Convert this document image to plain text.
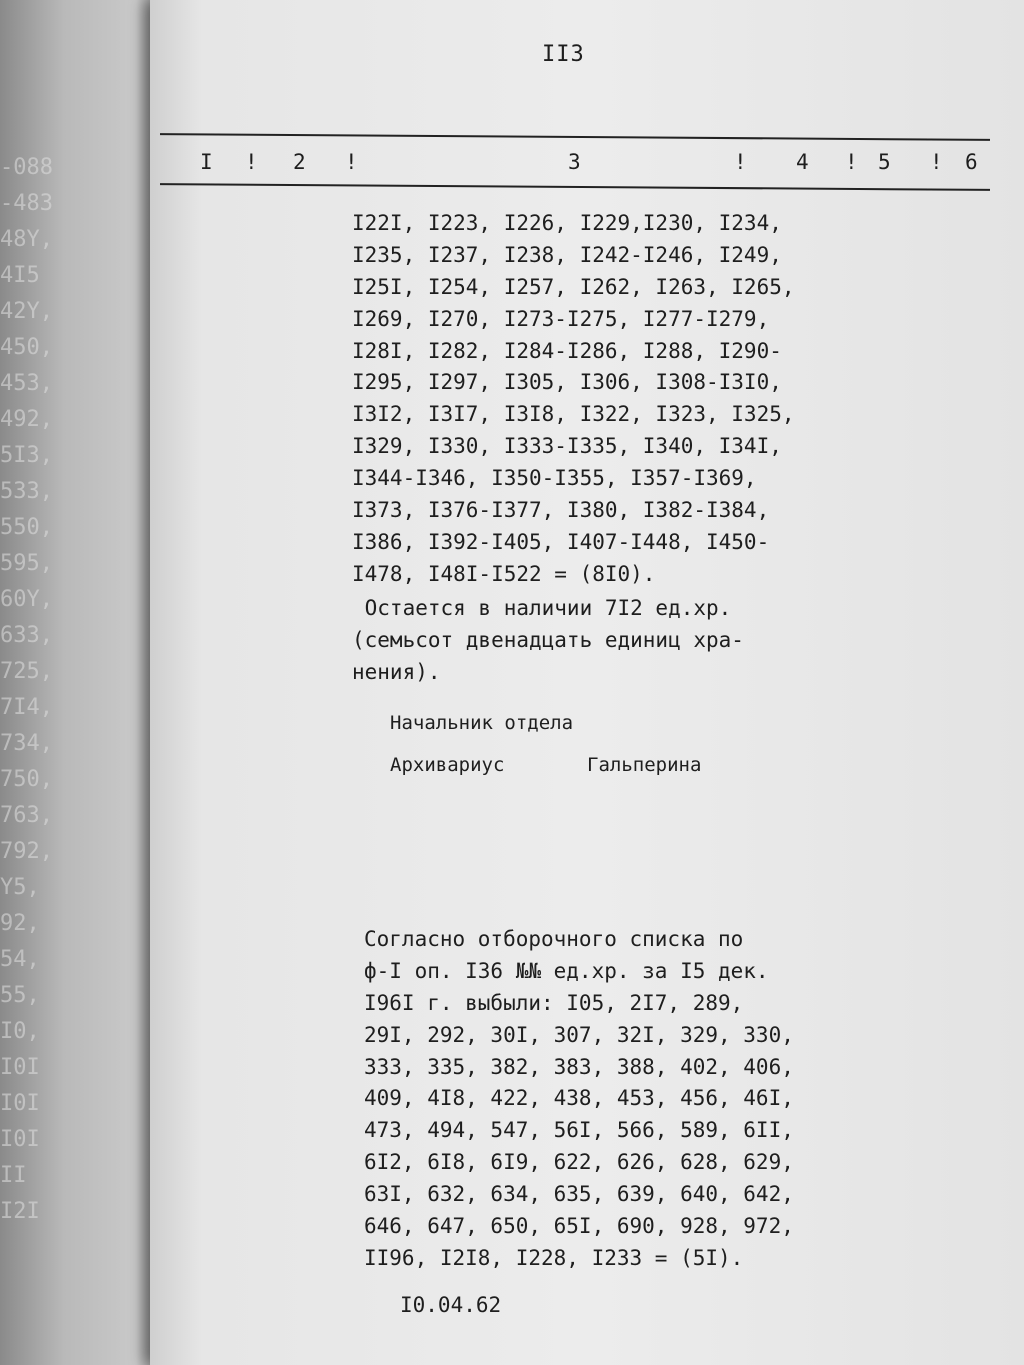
-088
-483
48Y,
4I5
42Y,
450,
453,
492,
5I3,
533,
550,
595,
60Y,
633,
725,
7I4,
734,
750,
763,
792,
Y5,
92,
54,
55,
I0,
I0I
I0I
I0I
II
I2I
II3
I ! 2 !	3	! 4 ! 5 ! 6
I22I, I223, I226, I229,I230, I234,
I235, I237, I238, I242-I246, I249,
I25I, I254, I257, I262, I263, I265,
I269, I270, I273-I275, I277-I279,
I28I, I282, I284-I286, I288, I290-
I295, I297, I305, I306, I308-I3I0,
I3I2, I3I7, I3I8, I322, I323, I325,
I329, I330, I333-I335, I340, I34I,
I344-I346, I350-I355, I357-I369,
I373, I376-I377, I380, I382-I384,
I386, I392-I405, I407-I448, I450-
I478, I48I-I522 = (8I0).
Остается в наличии 7I2 ед.хр.
(семьсот двенадцать единиц хра-
нения).
Начальник отдела
Архивариус	Гальперина
Согласно отборочного списка по
ф-I оп. I36 №№ ед.хр. за I5 дек.
I96I г. выбыли: I05, 2I7, 289,
29I, 292, 30I, 307, 32I, 329, 330,
333, 335, 382, 383, 388, 402, 406,
409, 4I8, 422, 438, 453, 456, 46I,
473, 494, 547, 56I, 566, 589, 6II,
6I2, 6I8, 6I9, 622, 626, 628, 629,
63I, 632, 634, 635, 639, 640, 642,
646, 647, 650, 65I, 690, 928, 972,
II96, I2I8, I228, I233 = (5I).
I0.04.62
